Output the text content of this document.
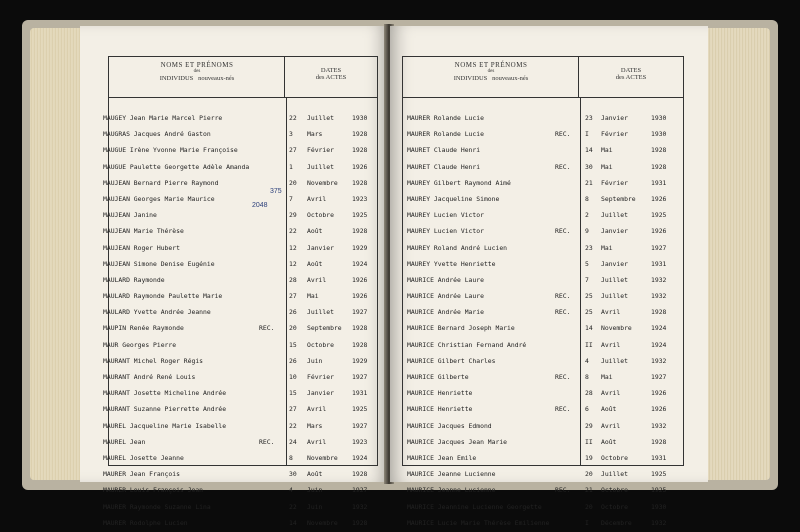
NOMS ET PRÉNOMS
des
INDIVIDUS nouveaux-nés
DATES
des ACTES
MAUGEY Jean Marie Marcel Pierre	22 Juillet	1930
MAUGRAS Jacques André Gaston	3 Mars	1928
MAUGUE Irène Yvonne Marie Françoise	27 Février	1928
MAUGUE Paulette Georgette Adèle Amanda	1 Juillet	1926
MAUJEAN Bernard Pierre Raymond	20 Novembre 1928
MAUJEAN Georges Marie Maurice	7 Avril	1923
MAUJEAN Janine	29 Octobre	1925
MAUJEAN Marie Thérèse	22 Août	1928
MAUJEAN Roger Hubert	12 Janvier	1929
MAUJEAN Simone Denise Eugénie	12 Août	1924
MAULARD Raymonde	28 Avril	1926
MAULARD Raymonde Paulette Marie	27 Mai	1926
MAULARD Yvette Andrée Jeanne	26 Juillet	1927
MAUPIN Renée Raymonde	REC. 20 Septembre 1928
MAUR Georges Pierre	15 Octobre	1928
MAURANT Michel Roger Régis	26 Juin	1929
MAURANT André René Louis	10 Février	1927
MAURANT Josette Micheline Andrée	15 Janvier	1931
MAURANT Suzanne Pierrette Andrée	27 Avril	1925
MAUREL Jacqueline Marie Isabelle	22 Mars	1927
MAUREL Jean	REC. 24 Avril	1923
MAUREL Josette Jeanne	8 Novembre 1924
MAURER Jean François	30 Août	1928
MAURER Louis François Jean	4 Juin	1927
MAURER Raymonde Suzanne Lina	22 Juin	1932
MAURER Rodolphe Lucien	14 Novembre 1928
375
2048
NOMS ET PRÉNOMS
des
INDIVIDUS nouveaux-nés
DATES
des ACTES
MAURER Rolande Lucie	23 Janvier	1930
MAURER Rolande Lucie	REC. I Février	1930
MAURET Claude Henri	14 Mai	1928
MAURET Claude Henri	REC. 30 Mai	1928
MAUREY Gilbert Raymond Aimé	21 Février	1931
MAUREY Jacqueline Simone	8 Septembre 1926
MAUREY Lucien Victor	2 Juillet	1925
MAUREY Lucien Victor	REC. 9 Janvier	1926
MAUREY Roland André Lucien	23 Mai	1927
MAUREY Yvette Henriette	5 Janvier	1931
MAURICE Andrée Laure	7 Juillet	1932
MAURICE Andrée Laure	REC. 25 Juillet	1932
MAURICE Andrée Marie	REC. 25 Avril	1928
MAURICE Bernard Joseph Marie	14 Novembre	1924
MAURICE Christian Fernand André	II Avril	1924
MAURICE Gilbert Charles	4 Juillet	1932
MAURICE Gilberte	REC. 8 Mai	1927
MAURICE Henriette	28 Avril	1926
MAURICE Henriette	REC. 6 Août	1926
MAURICE Jacques Edmond	29 Avril	1932
MAURICE Jacques Jean Marie	II Août	1928
MAURICE Jean Emile	19 Octobre	1931
MAURICE Jeanne Lucienne	20 Juillet	1925
MAURICE Jeanne Lucienne	REC. 21 Octobre	1925
MAURICE Jeannine Lucienne Georgette	20 Octobre	1930
MAURICE Lucie Marie Thérèse Emilienne	I Décembre	1932
